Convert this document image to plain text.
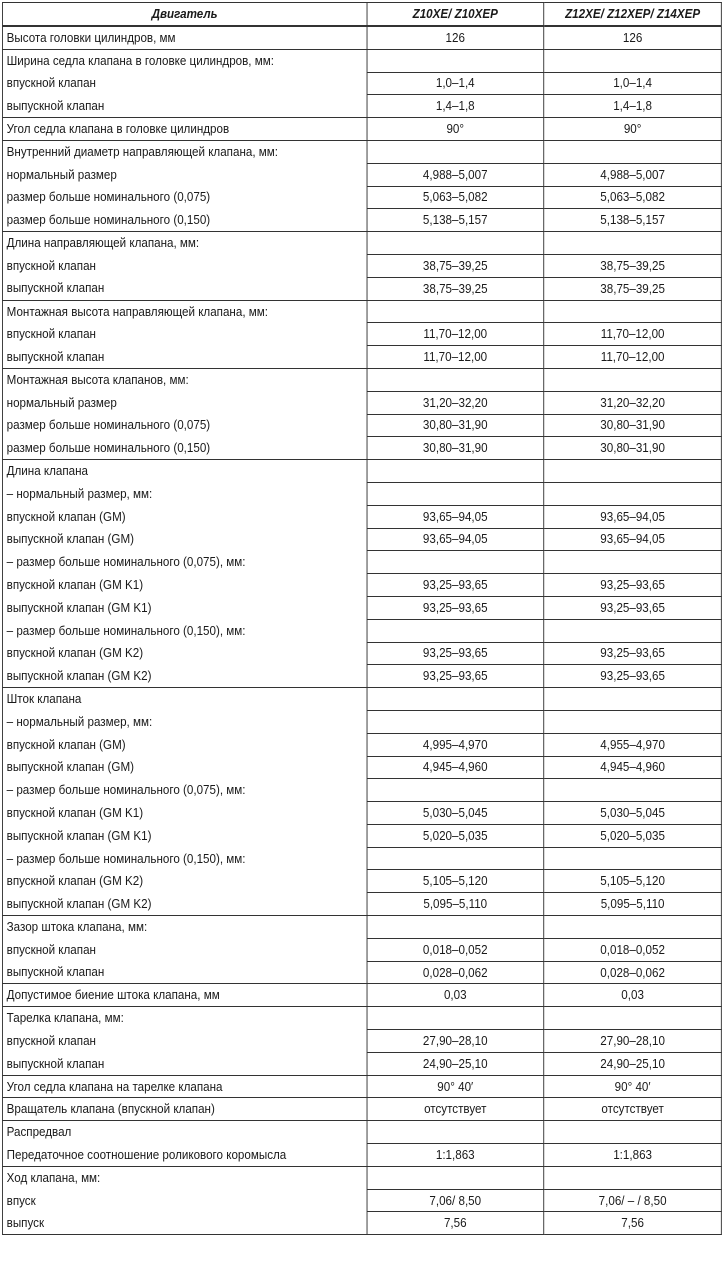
Двигатель	Z10XE/ Z10XEP	Z12XE/ Z12XEP/ Z14XEP
Высота головки цилиндров, мм	126	126
Ширина седла клапана в головке цилиндров, мм:		
впускной клапан	1,0–1,4	1,0–1,4
выпускной клапан	1,4–1,8	1,4–1,8
Угол седла клапана в головке цилиндров	90°	90°
Внутренний диаметр направляющей клапана, мм:		
нормальный размер	4,988–5,007	4,988–5,007
размер больше номинального (0,075)	5,063–5,082	5,063–5,082
размер больше номинального (0,150)	5,138–5,157	5,138–5,157
Длина направляющей клапана, мм:		
впускной клапан	38,75–39,25	38,75–39,25
выпускной клапан	38,75–39,25	38,75–39,25
Монтажная высота направляющей клапана, мм:		
впускной клапан	11,70–12,00	11,70–12,00
выпускной клапан	11,70–12,00	11,70–12,00
Монтажная высота клапанов, мм:		
нормальный размер	31,20–32,20	31,20–32,20
размер больше номинального (0,075)	30,80–31,90	30,80–31,90
размер больше номинального (0,150)	30,80–31,90	30,80–31,90
Длина клапана		
– нормальный размер, мм:		
впускной клапан (GM)	93,65–94,05	93,65–94,05
выпускной клапан (GM)	93,65–94,05	93,65–94,05
– размер больше номинального (0,075), мм:		
впускной клапан (GM K1)	93,25–93,65	93,25–93,65
выпускной клапан (GM K1)	93,25–93,65	93,25–93,65
– размер больше номинального (0,150), мм:		
впускной клапан (GM K2)	93,25–93,65	93,25–93,65
выпускной клапан (GM K2)	93,25–93,65	93,25–93,65
Шток клапана		
– нормальный размер, мм:		
впускной клапан (GM)	4,995–4,970	4,955–4,970
выпускной клапан (GM)	4,945–4,960	4,945–4,960
– размер больше номинального (0,075), мм:		
впускной клапан (GM K1)	5,030–5,045	5,030–5,045
выпускной клапан (GM K1)	5,020–5,035	5,020–5,035
– размер больше номинального (0,150), мм:		
впускной клапан (GM K2)	5,105–5,120	5,105–5,120
выпускной клапан (GM K2)	5,095–5,110	5,095–5,110
Зазор штока клапана, мм:		
впускной клапан	0,018–0,052	0,018–0,052
выпускной клапан	0,028–0,062	0,028–0,062
Допустимое биение штока клапана, мм	0,03	0,03
Тарелка клапана, мм:		
впускной клапан	27,90–28,10	27,90–28,10
выпускной клапан	24,90–25,10	24,90–25,10
Угол седла клапана на тарелке клапана	90° 40′	90° 40′
Вращатель клапана (впускной клапан)	отсутствует	отсутствует
Распредвал		
Передаточное соотношение роликового коромысла	1:1,863	1:1,863
Ход клапана, мм:		
впуск	7,06/ 8,50	7,06/ – / 8,50
выпуск	7,56	7,56
